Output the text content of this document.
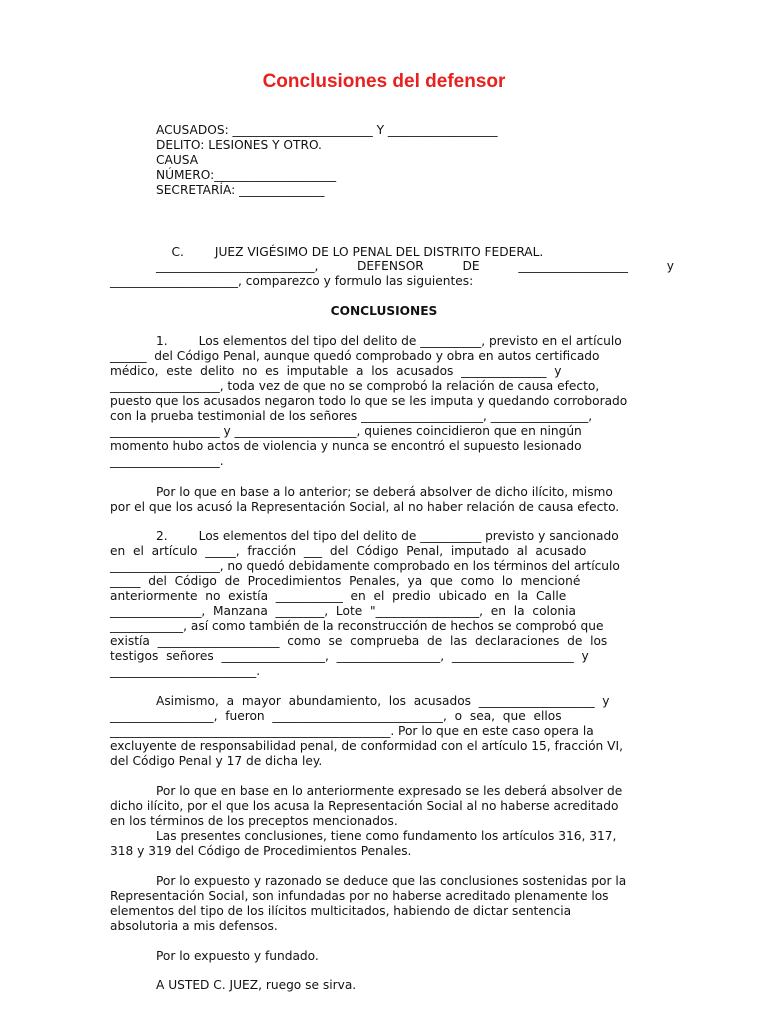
Conclusiones del defensor
ACUSADOS: _______________________ Y __________________
DELITO: LESIONES Y OTRO.
CAUSA
NÚMERO:____________________
SECRETARÍA: ______________

C.        JUEZ VIGÉSIMO DE LO PENAL DEL DISTRITO FEDERAL.

__________________________,          DEFENSOR          DE          __________________          y
_____________________, comparezco y formulo las siguientes:
CONCLUSIONES
1.        Los elementos del tipo del delito de __________, previsto en el artículo
______  del Código Penal, aunque quedó comprobado y obra en autos certificado
médico,  este  delito  no  es  imputable  a  los  acusados  ______________  y
__________________, toda vez de que no se comprobó la relación de causa efecto,
puesto que los acusados negaron todo lo que se les imputa y quedando corroborado
con la prueba testimonial de los señores ____________________, ________________,
__________________ y ____________________, quienes coincidieron que en ningún
momento hubo actos de violencia y nunca se encontró el supuesto lesionado
__________________.
Por lo que en base a lo anterior; se deberá absolver de dicho ilícito, mismo
por el que los acusó la Representación Social, al no haber relación de causa efecto.
2.        Los elementos del tipo del delito de __________ previsto y sancionado
en  el  artículo  _____,  fracción  ___  del  Código  Penal,  imputado  al  acusado
__________________, no quedó debidamente comprobado en los términos del artículo
_____  del  Código  de  Procedimientos  Penales,  ya  que  como  lo  mencioné
anteriormente  no  existía  ___________  en  el  predio  ubicado  en  la  Calle
_______________,  Manzana  ________,  Lote  "_________________,  en  la  colonia
____________, así como también de la reconstrucción de hechos se comprobó que
existía  ____________________  como  se  comprueba  de  las  declaraciones  de  los
testigos  señores  _________________,  _________________,  ____________________  y
________________________.
Asimismo,  a  mayor  abundamiento,  los  acusados  ___________________  y
_________________,  fueron  ____________________________,  o  sea,  que  ellos
______________________________________________. Por lo que en este caso opera la
excluyente de responsabilidad penal, de conformidad con el artículo 15, fracción VI,
del Código Penal y 17 de dicha ley.
Por lo que en base en lo anteriormente expresado se les deberá absolver de
dicho ilícito, por el que los acusa la Representación Social al no haberse acreditado
en los términos de los preceptos mencionados.
Las presentes conclusiones, tiene como fundamento los artículos 316, 317,
318 y 319 del Código de Procedimientos Penales.
Por lo expuesto y razonado se deduce que las conclusiones sostenidas por la
Representación Social, son infundadas por no haberse acreditado plenamente los
elementos del tipo de los ilícitos multicitados, habiendo de dictar sentencia
absolutoria a mis defensos.
Por lo expuesto y fundado.
A USTED C. JUEZ, ruego se sirva.
